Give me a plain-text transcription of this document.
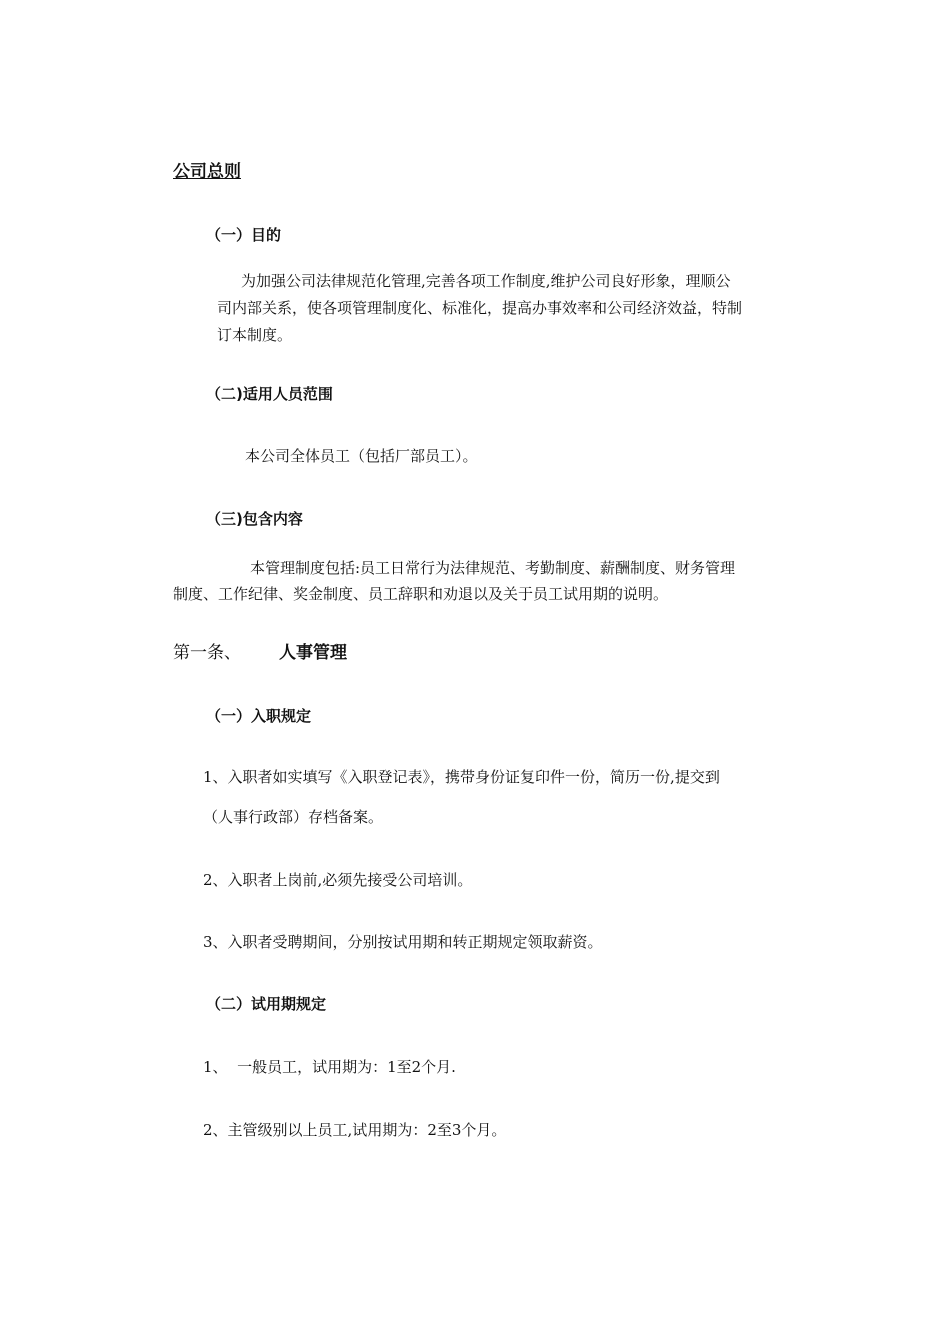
公司总则
（一）目的
为加强公司法律规范化管理,完善各项工作制度,维护公司良好形象，理顺公
司内部关系，使各项管理制度化、标准化，提高办事效率和公司经济效益，特制
订本制度。
（二)适用人员范围
本公司全体员工（包括厂部员工）。
（三)包含内容
本管理制度包括:员工日常行为法律规范、考勤制度、薪酬制度、财务管理
制度、工作纪律、奖金制度、员工辞职和劝退以及关于员工试用期的说明。
第一条、 人事管理
（一）入职规定
1、入职者如实填写《入职登记表》，携带身份证复印件一份，简历一份,提交到
（人事行政部）存档备案。
2、入职者上岗前,必须先接受公司培训。
3、入职者受聘期间，分别按试用期和转正期规定领取薪资。
（二）试用期规定
1、  一般员工，试用期为：1至2个月.
2、主管级别以上员工,试用期为：2至3个月。
